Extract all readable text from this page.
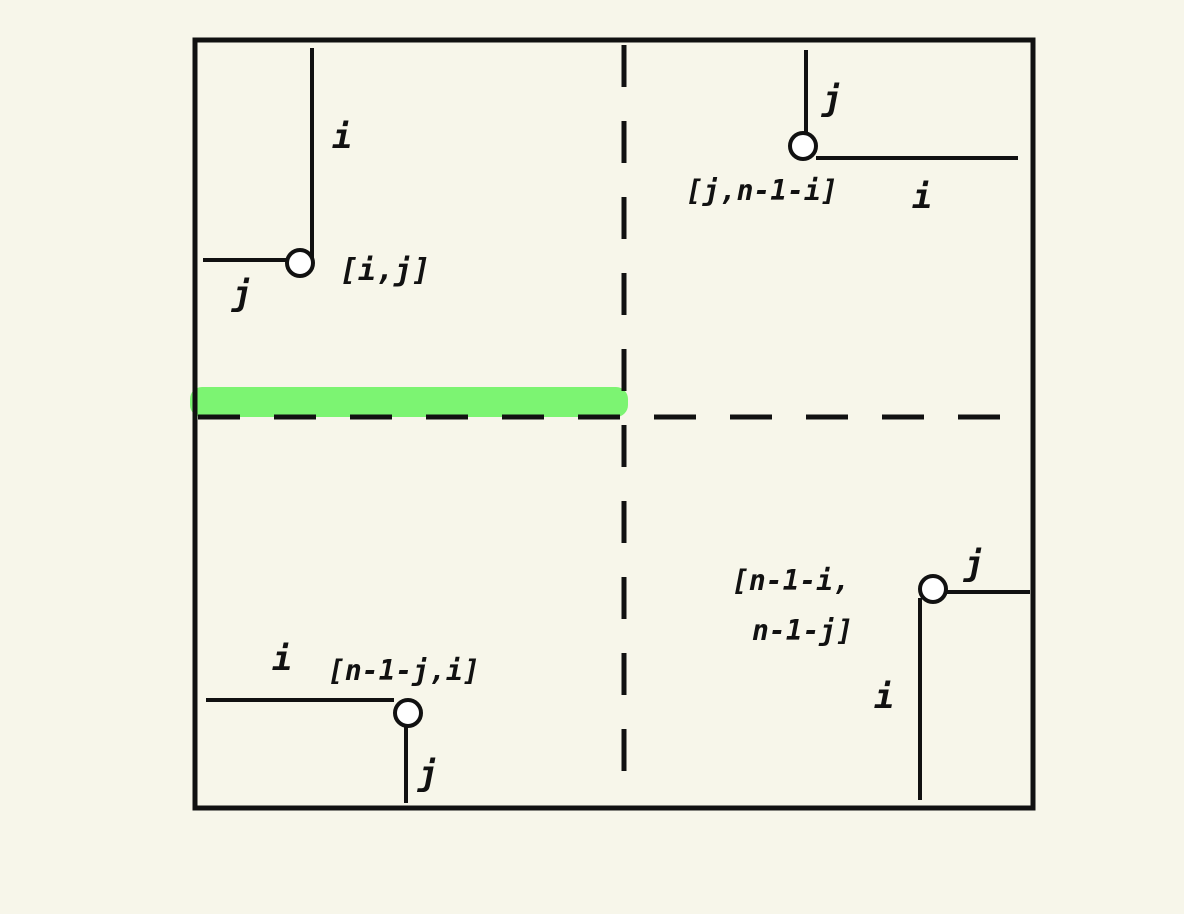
i
j
[i,j]
j
[j,n-1-i] i
i [n-1-j,i]
j
j
[n-1-i,
n-1-j]
i
